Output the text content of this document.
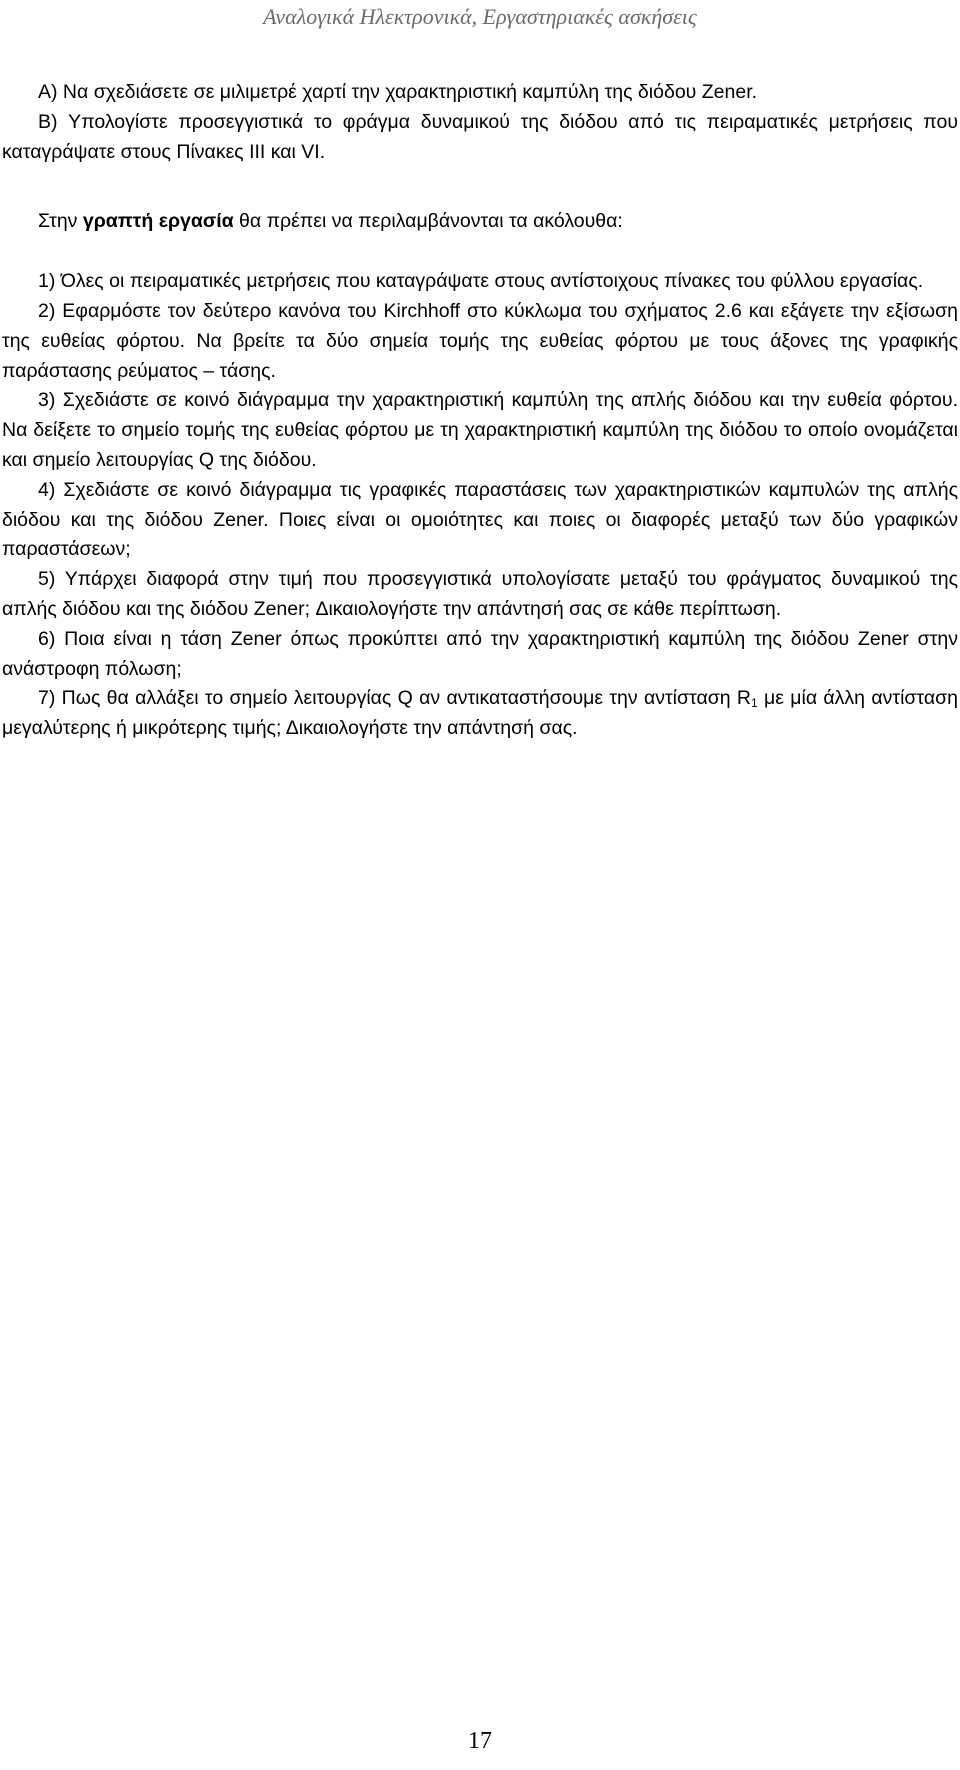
Αναλογικά Ηλεκτρονικά, Εργαστηριακές ασκήσεις

A) Να σχεδιάσετε σε μιλιμετρέ χαρτί την χαρακτηριστική καμπύλη της διόδου Zener.

B) Υπολογίστε προσεγγιστικά το φράγμα δυναμικού της διόδου από τις πειραματικές μετρήσεις που καταγράψατε στους Πίνακες ΙΙΙ και VI.

Στην γραπτή εργασία θα πρέπει να περιλαμβάνονται τα ακόλουθα:

1) Όλες οι πειραματικές μετρήσεις που καταγράψατε στους αντίστοιχους πίνακες του φύλλου εργασίας.

2) Εφαρμόστε τον δεύτερο κανόνα του Kirchhoff στο κύκλωμα του σχήματος 2.6 και εξάγετε την εξίσωση της ευθείας φόρτου. Να βρείτε τα δύο σημεία τομής της ευθείας φόρτου με τους άξονες της γραφικής παράστασης ρεύματος – τάσης.

3) Σχεδιάστε σε κοινό διάγραμμα την χαρακτηριστική καμπύλη της απλής διόδου και την ευθεία φόρτου. Να δείξετε το σημείο τομής της ευθείας φόρτου με τη χαρακτηριστική καμπύλη της διόδου το οποίο ονομάζεται και σημείο λειτουργίας Q της διόδου.

4) Σχεδιάστε σε κοινό διάγραμμα τις γραφικές παραστάσεις των χαρακτηριστικών καμπυλών της απλής διόδου και της διόδου Zener. Ποιες είναι οι ομοιότητες και ποιες οι διαφορές μεταξύ των δύο γραφικών παραστάσεων;

5) Υπάρχει διαφορά στην τιμή που προσεγγιστικά υπολογίσατε μεταξύ του φράγματος δυναμικού της απλής διόδου και της διόδου Zener; Δικαιολογήστε την απάντησή σας σε κάθε περίπτωση.

6) Ποια είναι η τάση Zener όπως προκύπτει από την χαρακτηριστική καμπύλη της διόδου Zener στην ανάστροφη πόλωση;

7) Πως θα αλλάξει το σημείο λειτουργίας Q αν αντικαταστήσουμε την αντίσταση $R_1$ με μία άλλη αντίσταση μεγαλύτερης ή μικρότερης τιμής; Δικαιολογήστε την απάντησή σας.

17
